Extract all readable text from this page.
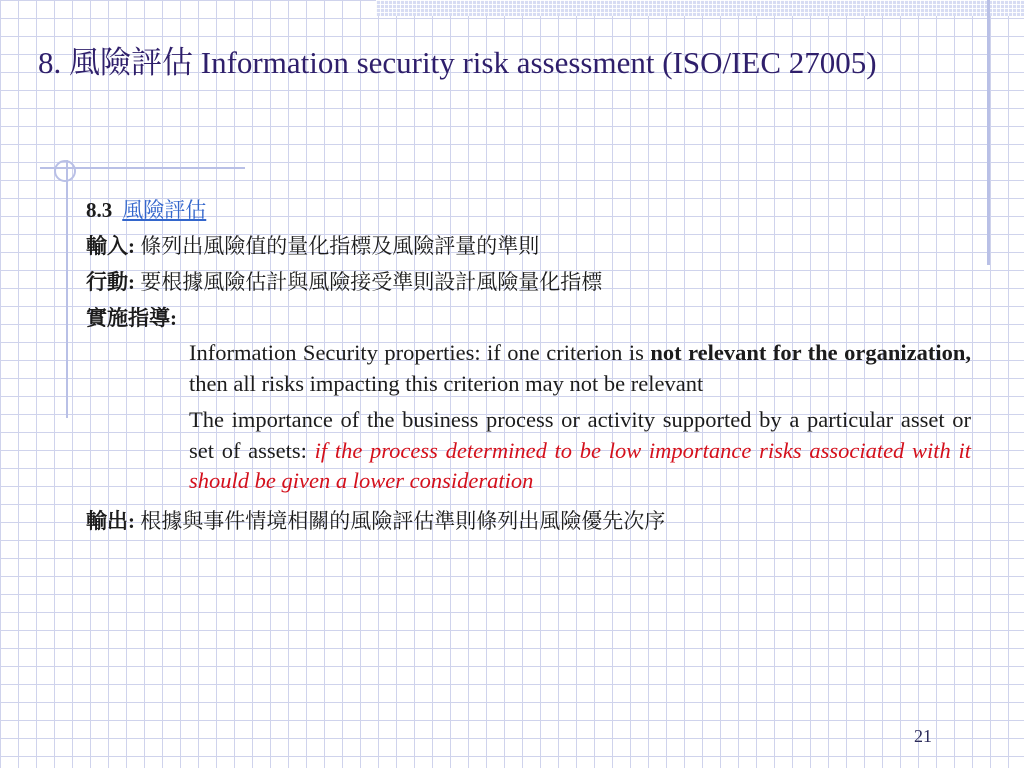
8. 風險評估 Information security risk assessment (ISO/IEC 27005)
8.3 風險評估
輸入: 條列出風險值的量化指標及風險評量的準則
行動: 要根據風險估計與風險接受準則設計風險量化指標
實施指導:
Information Security properties: if one criterion is not relevant for the organization, then all risks impacting this criterion may not be relevant
The importance of the business process or activity supported by a particular asset or set of assets: if the process determined to be low importance risks associated with it should be given a lower consideration
輸出: 根據與事件情境相關的風險評估準則條列出風險優先次序
21
